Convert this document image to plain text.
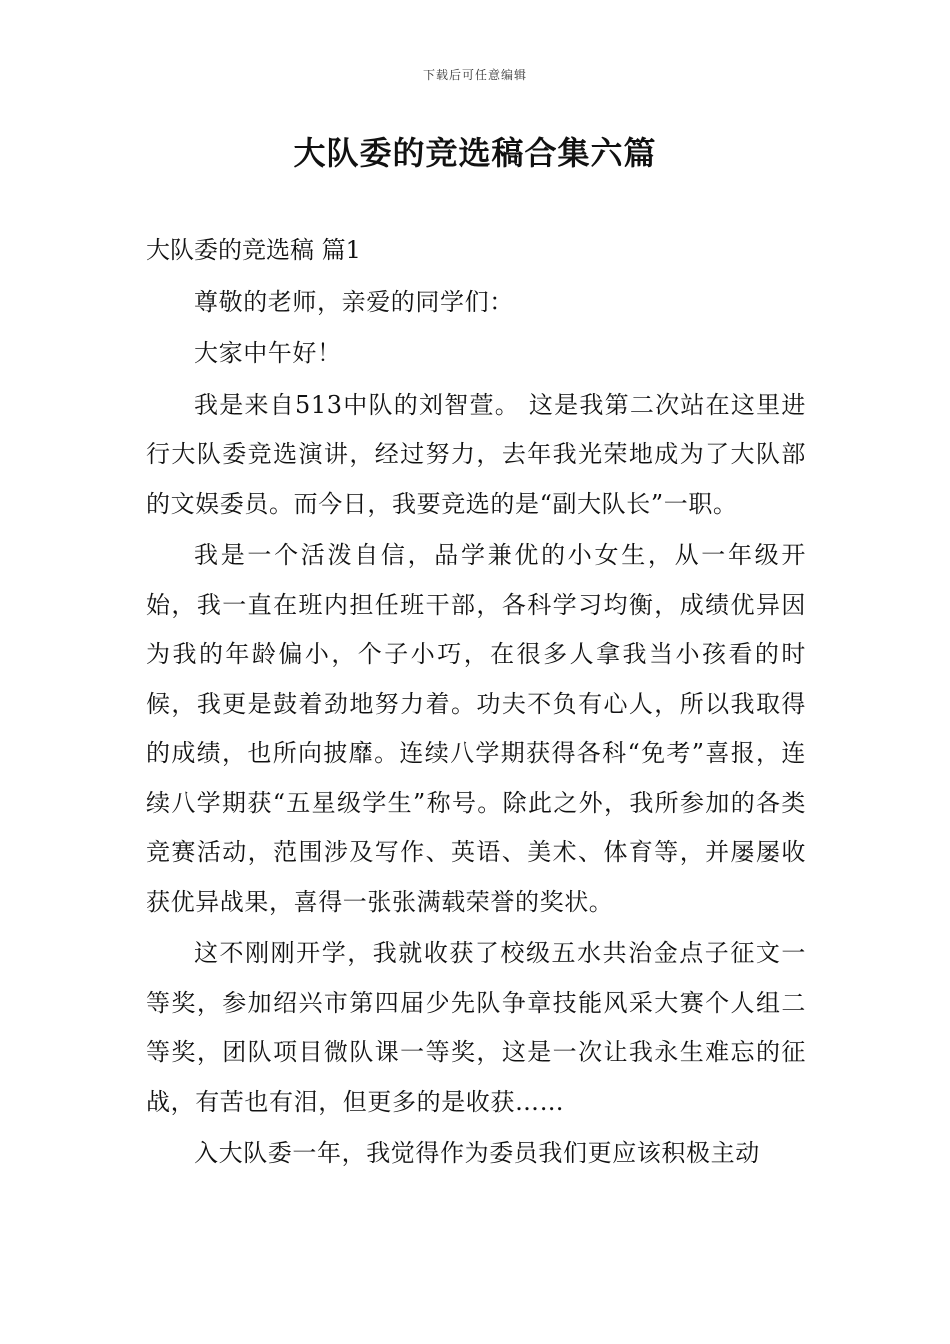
下载后可任意编辑
大队委的竞选稿合集六篇

大队委的竞选稿 篇1

尊敬的老师，亲爱的同学们：

大家中午好！

我是来自513中队的刘智萱。 这是我第二次站在这里进行大队委竞选演讲，经过努力，去年我光荣地成为了大队部的文娱委员。而今日，我要竞选的是“副大队长”一职。

我是一个活泼自信，品学兼优的小女生，从一年级开始，我一直在班内担任班干部，各科学习均衡，成绩优异因为我的年龄偏小，个子小巧，在很多人拿我当小孩看的时候，我更是鼓着劲地努力着。功夫不负有心人，所以我取得的成绩，也所向披靡。连续八学期获得各科“免考”喜报，连续八学期获“五星级学生”称号。除此之外，我所参加的各类竞赛活动，范围涉及写作、英语、美术、体育等，并屡屡收获优异战果，喜得一张张满载荣誉的奖状。

这不刚刚开学，我就收获了校级五水共治金点子征文一等奖，参加绍兴市第四届少先队争章技能风采大赛个人组二等奖，团队项目微队课一等奖，这是一次让我永生难忘的征战，有苦也有泪，但更多的是收获……

入大队委一年，我觉得作为委员我们更应该积极主动
